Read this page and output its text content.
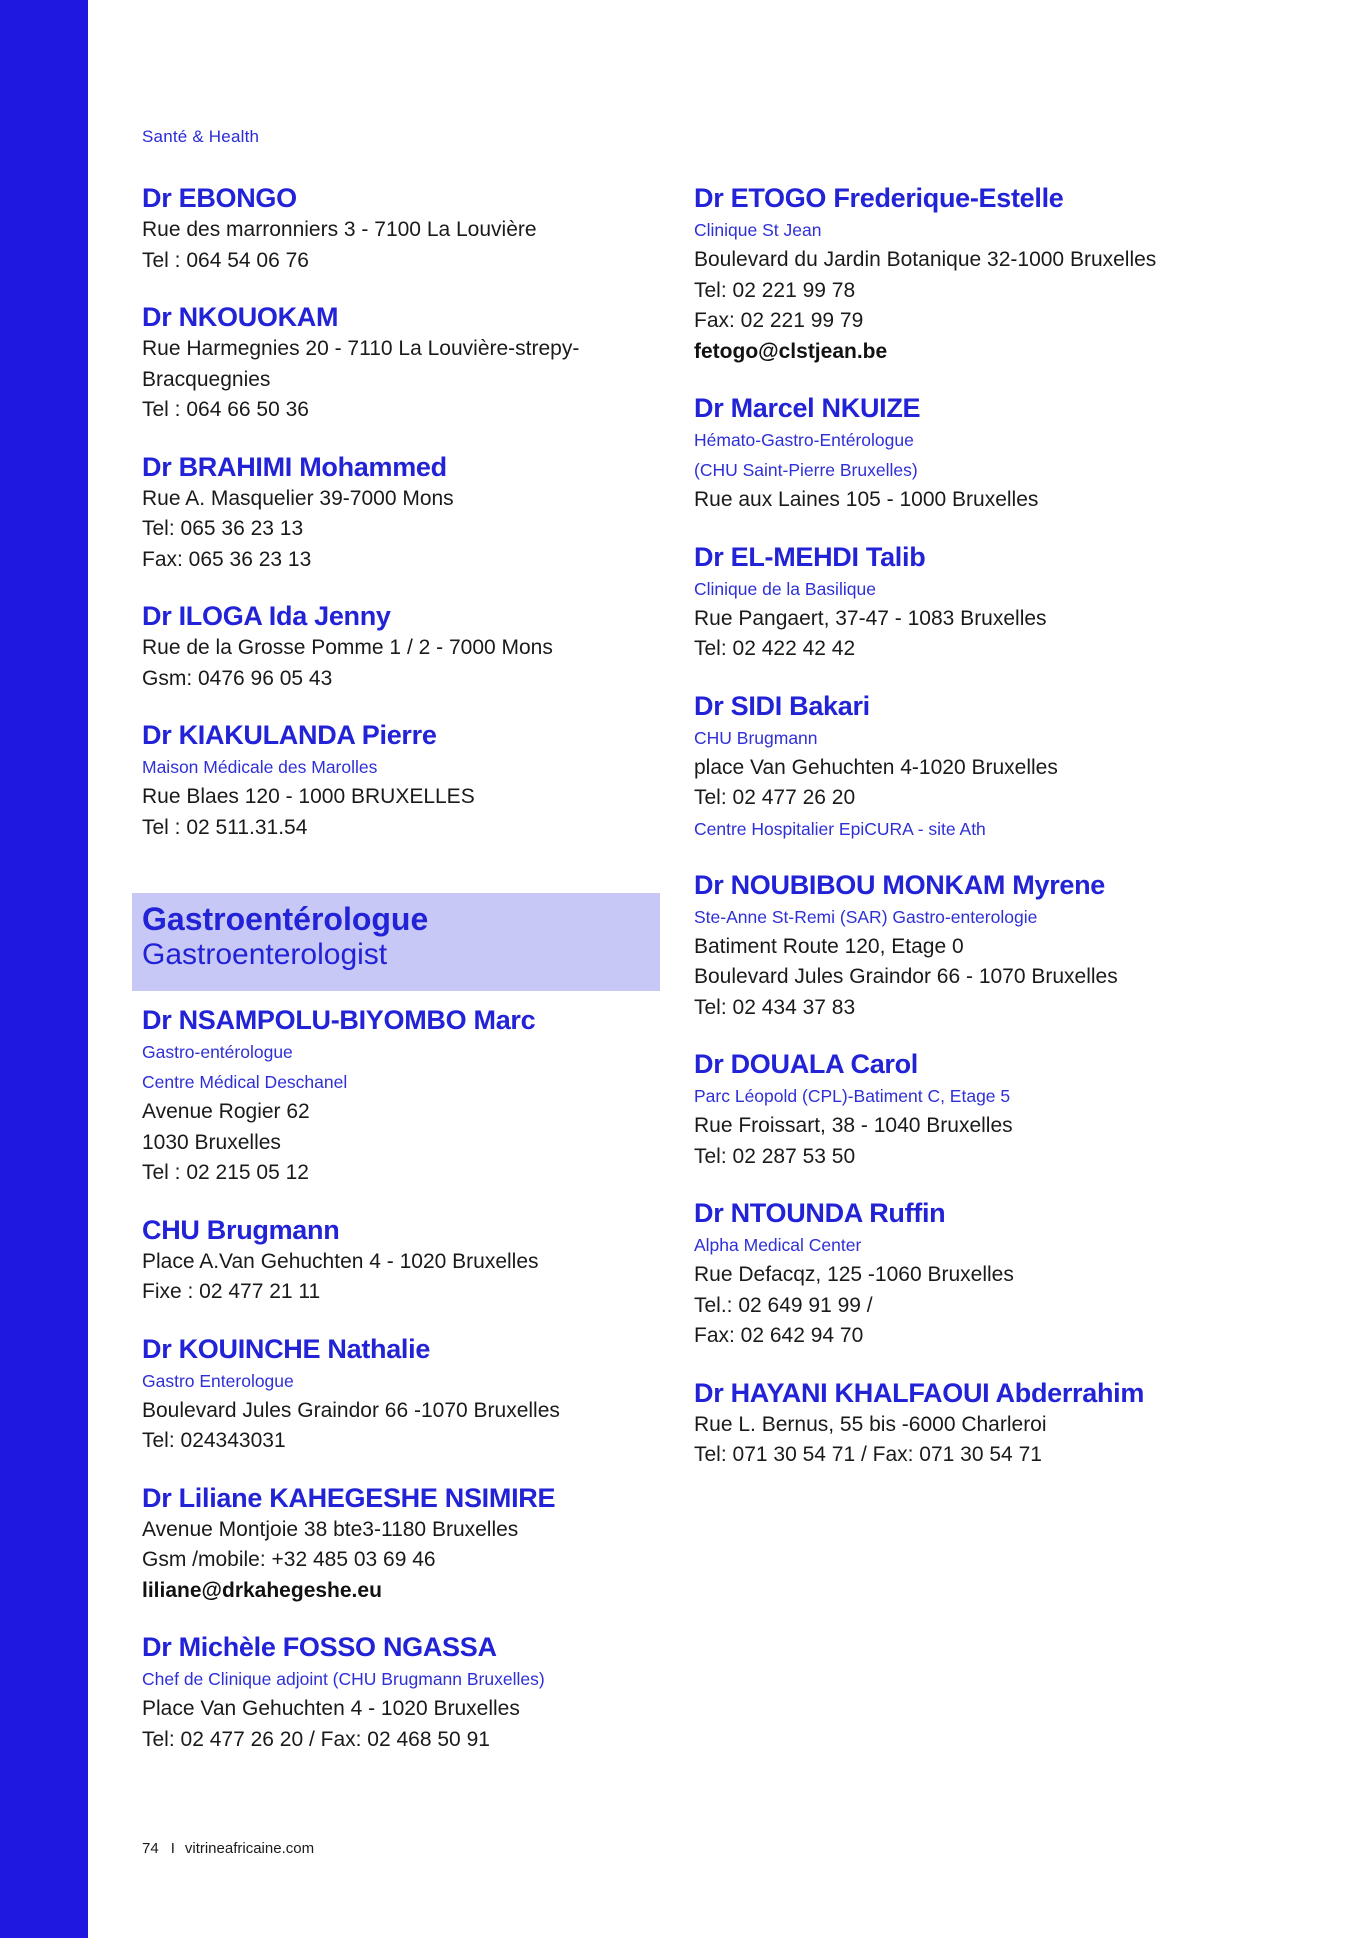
Santé & Health
Dr EBONGO
Rue des marronniers 3 - 7100 La Louvière
Tel : 064 54 06 76
Dr NKOUOKAM
Rue Harmegnies 20 - 7110 La Louvière-strepy-
Bracquegnies
Tel : 064 66 50 36
Dr BRAHIMI Mohammed
Rue A. Masquelier 39-7000 Mons
Tel: 065 36 23 13
Fax: 065 36 23 13
Dr ILOGA Ida Jenny
Rue de la Grosse Pomme 1 / 2 - 7000 Mons
Gsm: 0476 96 05 43
Dr KIAKULANDA Pierre
Maison Médicale des Marolles
Rue Blaes 120 - 1000 BRUXELLES
Tel : 02 511.31.54
Gastroentérologue
Gastroenterologist
Dr NSAMPOLU-BIYOMBO Marc
Gastro-entérologue
Centre Médical Deschanel
Avenue Rogier 62
1030 Bruxelles
Tel : 02 215 05 12
CHU Brugmann
Place A.Van Gehuchten 4 - 1020 Bruxelles
Fixe : 02 477 21 11
Dr KOUINCHE Nathalie
Gastro Enterologue
Boulevard Jules Graindor 66 -1070 Bruxelles
Tel: 024343031
Dr Liliane KAHEGESHE NSIMIRE
Avenue Montjoie 38 bte3-1180 Bruxelles
Gsm /mobile: +32 485 03 69 46
liliane@drkahegeshe.eu
Dr Michèle FOSSO NGASSA
Chef de Clinique adjoint (CHU Brugmann Bruxelles)
Place Van Gehuchten 4 - 1020 Bruxelles
Tel: 02 477 26 20 / Fax: 02 468 50 91
Dr ETOGO Frederique-Estelle
Clinique St Jean
Boulevard du Jardin Botanique 32-1000 Bruxelles
Tel: 02 221 99 78
Fax: 02 221 99 79
fetogo@clstjean.be
Dr Marcel NKUIZE
Hémato-Gastro-Entérologue
(CHU Saint-Pierre Bruxelles)
Rue aux Laines 105 - 1000 Bruxelles
Dr EL-MEHDI Talib
Clinique de la Basilique
Rue Pangaert, 37-47 - 1083 Bruxelles
Tel: 02 422 42 42
Dr SIDI Bakari
CHU Brugmann
place Van Gehuchten 4-1020 Bruxelles
Tel: 02 477 26 20
Centre Hospitalier EpiCURA - site Ath
Dr NOUBIBOU MONKAM Myrene
Ste-Anne St-Remi (SAR) Gastro-enterologie
Batiment Route 120, Etage 0
Boulevard Jules Graindor 66 - 1070 Bruxelles
Tel: 02 434 37 83
Dr DOUALA Carol
Parc Léopold (CPL)-Batiment C, Etage 5
Rue Froissart, 38 - 1040 Bruxelles
Tel: 02 287 53 50
Dr NTOUNDA Ruffin
Alpha Medical Center
Rue Defacqz, 125 -1060 Bruxelles
Tel.: 02 649 91 99 /
Fax: 02 642 94 70
Dr HAYANI KHALFAOUI Abderrahim
Rue L. Bernus, 55 bis -6000 Charleroi
Tel: 071 30 54 71 / Fax: 071 30 54 71
74 I vitrineafricaine.com
